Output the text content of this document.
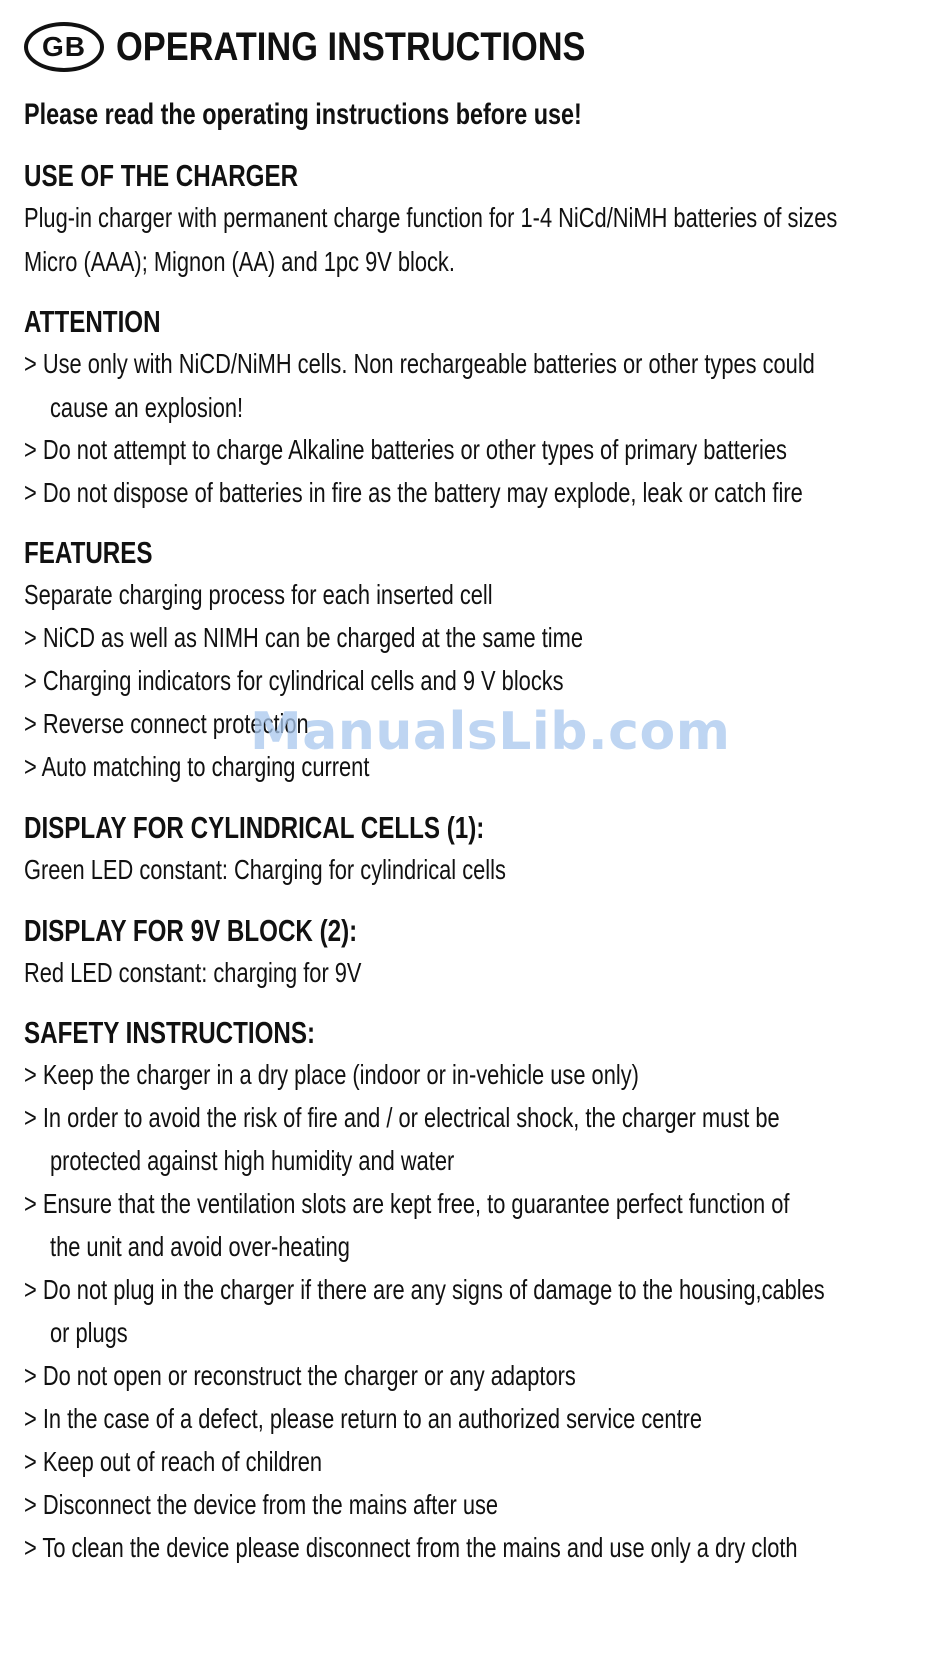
GB OPERATING INSTRUCTIONS
Please read the operating instructions before use!
USE OF THE CHARGER
Plug-in charger with permanent charge function for 1-4 NiCd/NiMH batteries of sizes
Micro (AAA); Mignon (AA) and 1pc 9V block.
ATTENTION
> Use only with NiCD/NiMH cells. Non rechargeable batteries or other types could
cause an explosion!
> Do not attempt to charge Alkaline batteries or other types of primary batteries
> Do not dispose of batteries in fire as the battery may explode, leak or catch fire
FEATURES
Separate charging process for each inserted cell
> NiCD as well as NIMH can be charged at the same time
> Charging indicators for cylindrical cells and 9 V blocks
> Reverse connect protection
> Auto matching to charging current
DISPLAY FOR CYLINDRICAL CELLS (1):
Green LED constant: Charging for cylindrical cells
DISPLAY FOR 9V BLOCK (2):
Red LED constant: charging for 9V
SAFETY INSTRUCTIONS:
> Keep the charger in a dry place (indoor or in-vehicle use only)
> In order to avoid the risk of fire and / or electrical shock, the charger must be
protected against high humidity and water
> Ensure that the ventilation slots are kept free, to guarantee perfect function of
the unit and avoid over-heating
> Do not plug in the charger if there are any signs of damage to the housing,cables
or plugs
> Do not open or reconstruct the charger or any adaptors
> In the case of a defect, please return to an authorized service centre
> Keep out of reach of children
> Disconnect the device from the mains after use
> To clean the device please disconnect from the mains and use only a dry cloth
ManualsLib.com
